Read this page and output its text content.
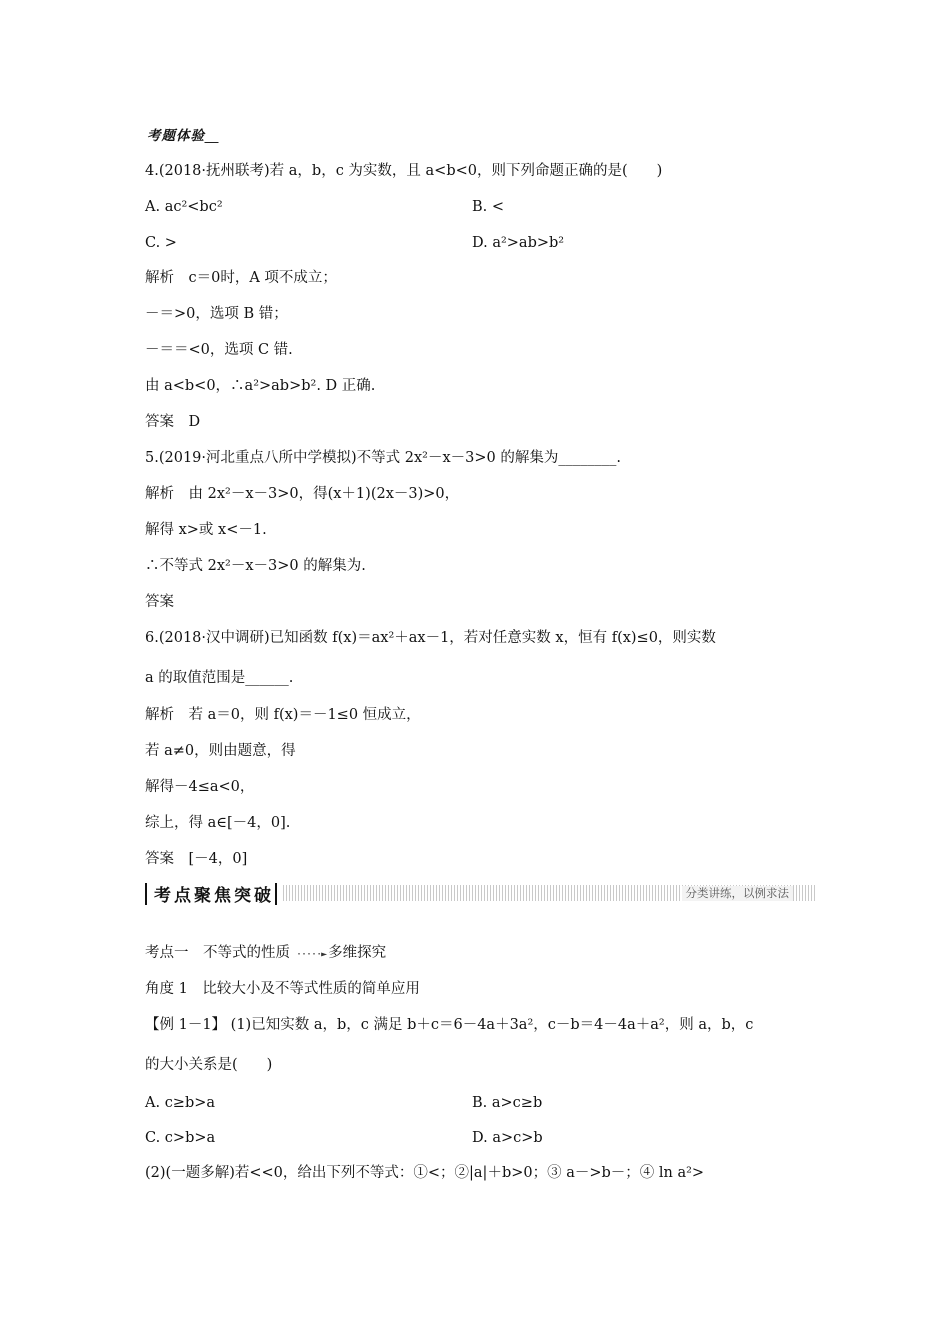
考题体验
4.(2018·抚州联考)若 a，b，c 为实数，且 a<b<0，则下列命题正确的是(　　)
A. ac²<bc²
C. >
解析　c＝0时，A 项不成立；
－＝>0，选项 B 错；
－＝＝<0，选项 C 错.
由 a<b<0，∴a²>ab>b². D 正确.
答案　D
5.(2019·河北重点八所中学模拟)不等式 2x²－x－3>0 的解集为________.
解析　由 2x²－x－3>0，得(x＋1)(2x－3)>0，
解得 x>或 x<－1.
∴不等式 2x²－x－3>0 的解集为.
答案
6.(2018·汉中调研)已知函数 f(x)＝ax²＋ax－1，若对任意实数 x，恒有 f(x)≤0，则实数
a 的取值范围是______.
解析　若 a＝0，则 f(x)＝－1≤0 恒成立，
若 a≠0，则由题意，得
解得－4≤a<0，
综上，得 a∈[－4，0].
答案　[－4，0]
考点一　不等式的性质 ·····► 多维探究
角度 1　比较大小及不等式性质的简单应用
【例 1－1】 (1)已知实数 a，b，c 满足 b＋c＝6－4a＋3a²，c－b＝4－4a＋a²，则 a，b，c
的大小关系是(　　)
A. c≥b>a
C. c>b>a
(2)(一题多解)若<<0，给出下列不等式：①<；②|a|＋b>0；③ a－>b－；④ ln a²>
B. <
D. a²>ab>b²
B. a>c≥b
D. a>c>b
考点聚焦突破	分类讲练，以例求法
